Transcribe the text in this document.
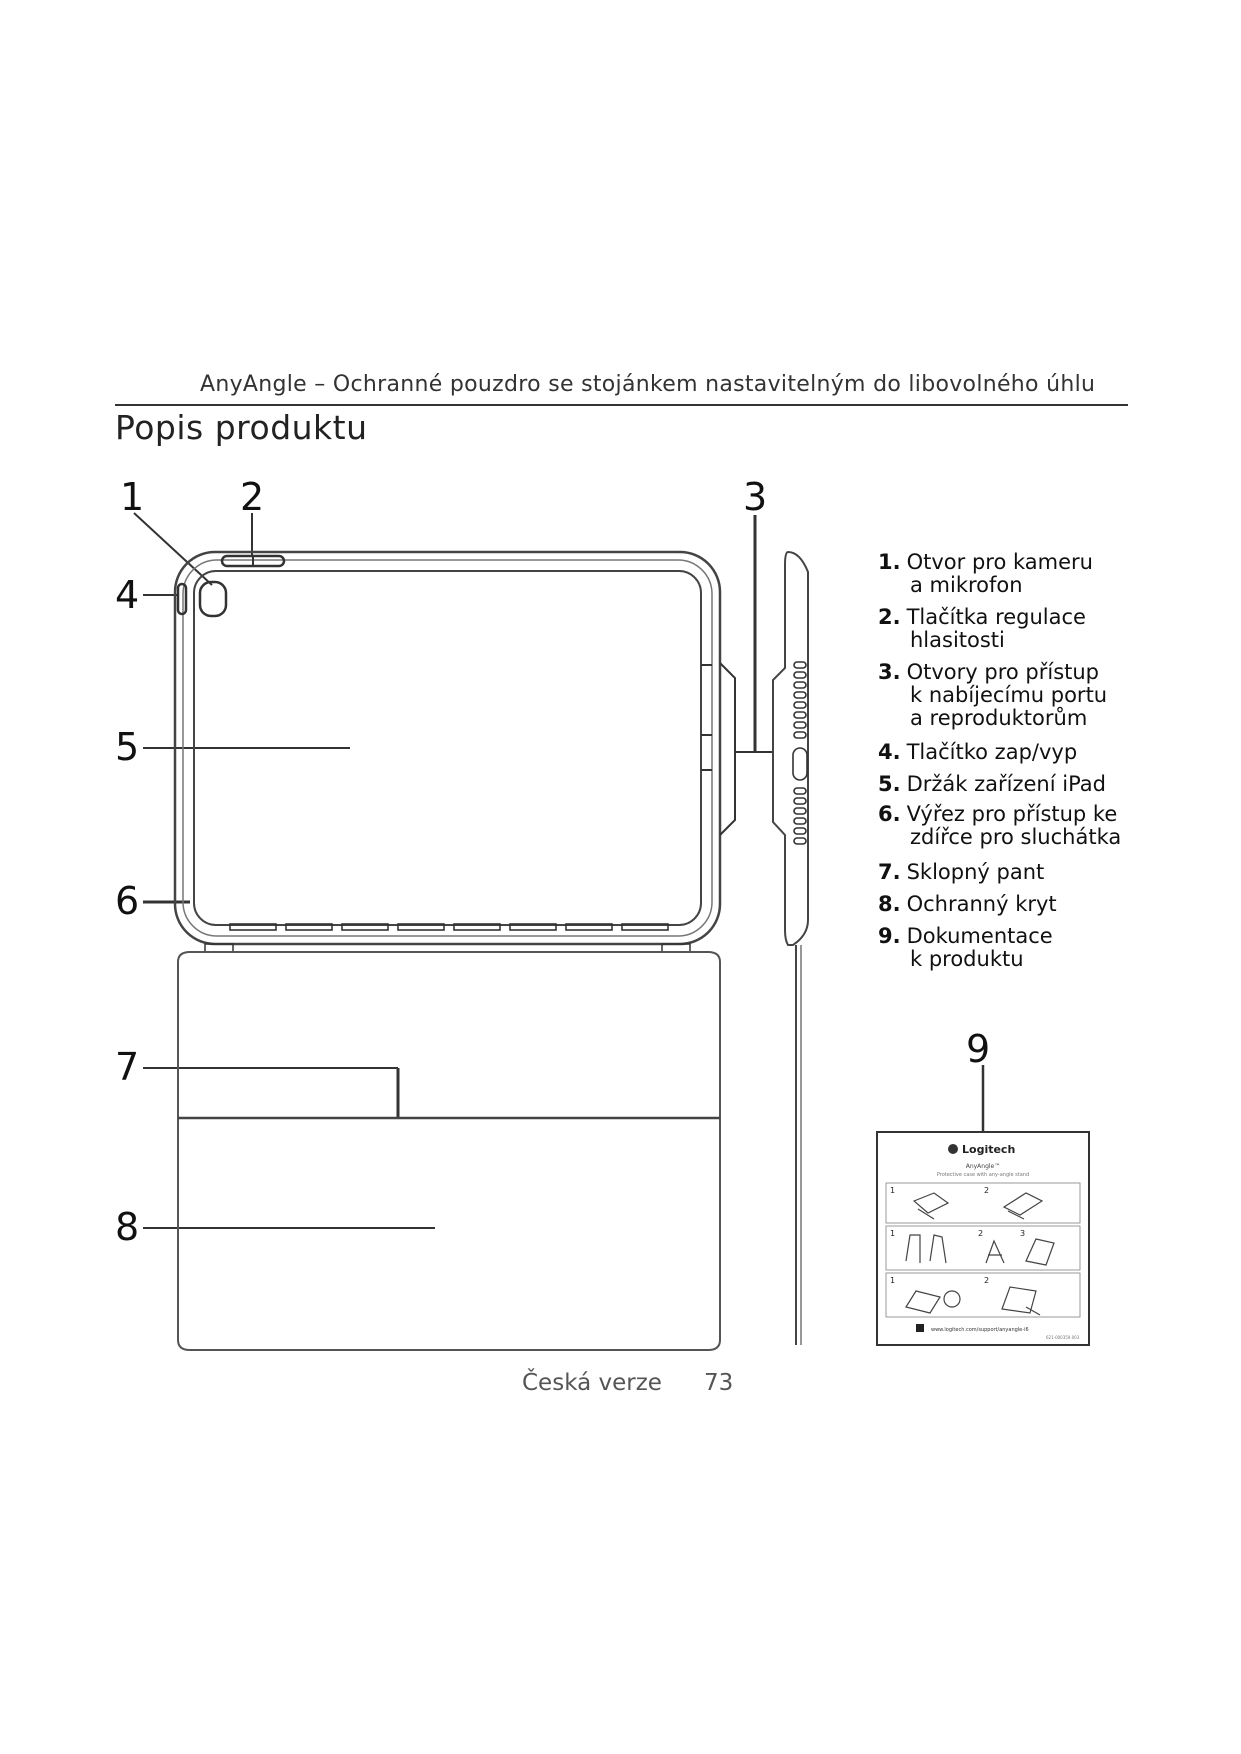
AnyAngle – Ochranné pouzdro se stojánkem nastavitelným do libovolného úhlu
Popis produktu
1	2	3
4
5
6
7
8
9
1. Otvor pro kameru
a mikrofon
2. Tlačítka regulace
hlasitosti
3. Otvory pro přístup
k nabíjecímu portu
a reproduktorům
4. Tlačítko zap/vyp
5. Držák zařízení iPad
6. Výřez pro přístup ke
zdířce pro sluchátka
7. Sklopný pant
8. Ochranný kryt
9. Dokumentace
k produktu
Logitech
AnyAngle™
Protective case with any-angle stand
1	2
1	2	3
1	2
www.logitech.com/support/anyangle-i6
621-000359.003
Česká verze 73
